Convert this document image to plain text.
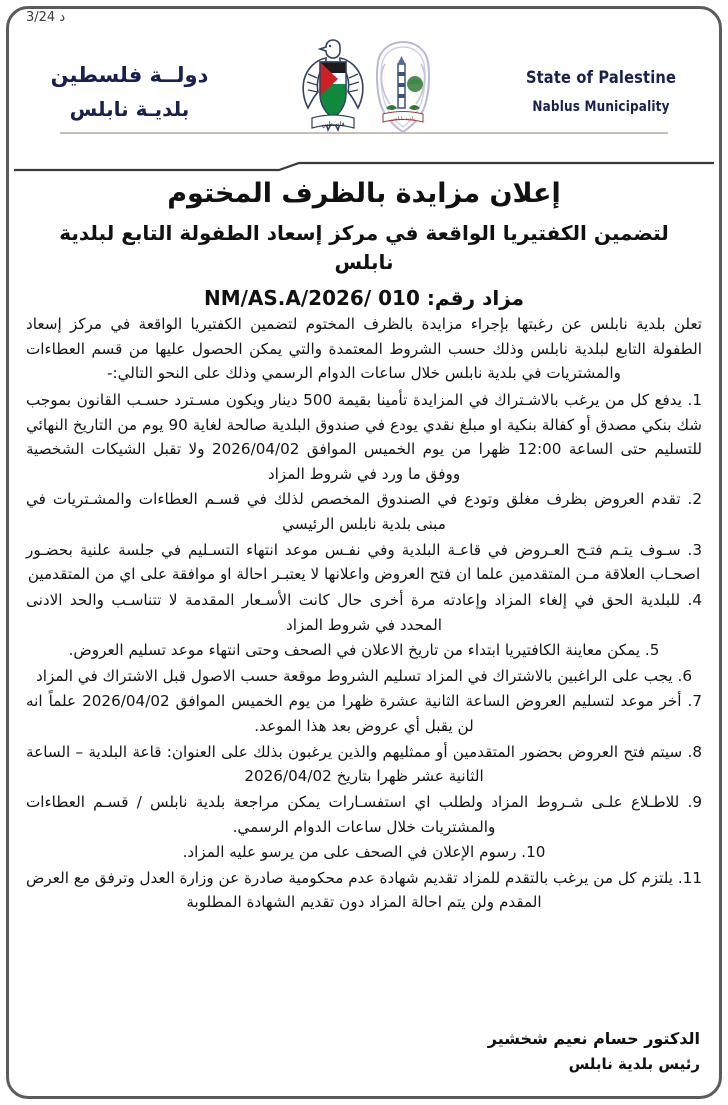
د 3/24
State of Palestine
Nablus Municipality
بلدية نابلس
فلسطين
دولــة فلسطين
بلديـة نابلس
إعلان مزايدة بالظرف المختوم
لتضمين الكفتيريا الواقعة في مركز إسعاد الطفولة التابع لبلدية نابلس
مزاد رقم: 010 /NM/AS.A/2026

تعلن بلدية نابلس عن رغبتها بإجراء مزايدة بالظرف المختوم لتضمين الكفتيريا الواقعة في مركز إسعاد الطفولة التابع لبلدية نابلس وذلك حسب الشروط المعتمدة والتي يمكن الحصول عليها من قسم العطاءات والمشتريات في بلدية نابلس خلال ساعات الدوام الرسمي وذلك على النحو التالي:-

1. يدفع كل من يرغب بالاشـتراك في المزايدة تأمينا بقيمة 500 دينار ويكون مسـترد حسـب القانون بموجب شك بنكي مصدق أو كفالة بنكية او مبلغ نقدي يودع في صندوق البلدية صالحة لغاية 90 يوم من التاريخ النهائي للتسليم حتى الساعة 12:00 ظهرا من يوم الخميس الموافق 2026/04/02 ولا تقبل الشيكات الشخصية ووفق ما ورد في شروط المزاد

2. تقدم العروض بظرف مغلق وتودع في الصندوق المخصص لذلك في قسـم العطاءات والمشـتريات في مبنى بلدية نابلس الرئيسي

3. سـوف يتـم فتـح العـروض في قاعـة البلدية وفي نفـس موعد انتهاء التسـليم في جلسة علنية بحضـور اصحـاب العلاقة مـن المتقدمين علما ان فتح العروض واعلانها لا يعتبـر احالة او موافقة على اي من المتقدمين

4. للبلدية الحق في إلغاء المزاد وإعادته مرة أخرى حال كانت الأسـعار المقدمة لا تتناسـب والحد الادنى المحدد في شروط المزاد

5. يمكن معاينة الكافتيريا ابتداء من تاريخ الاعلان في الصحف وحتى انتهاء موعد تسليم العروض.

6. يجب على الراغبين بالاشتراك في المزاد تسليم الشروط موقعة حسب الاصول قبل الاشتراك في المزاد

7. أخر موعد لتسليم العروض الساعة الثانية عشرة ظهرا من يوم الخميس الموافق 2026/04/02 علماً انه لن يقبل أي عروض بعد هذا الموعد.

8. سيتم فتح العروض بحضور المتقدمين أو ممثليهم والذين يرغبون بذلك على العنوان: قاعة البلدية – الساعة الثانية عشر ظهرا بتاريخ 2026/04/02

9. للاطـلاع علـى شـروط المزاد ولطلب اي استفسـارات يمكن مراجعة بلدية نابلس / قسـم العطاءات والمشتريات خلال ساعات الدوام الرسمي.

10. رسوم الإعلان في الصحف على من يرسو عليه المزاد.

11. يلتزم كل من يرغب بالتقدم للمزاد تقديم شهادة عدم محكومية صادرة عن وزارة العدل وترفق مع العرض المقدم ولن يتم احالة المزاد دون تقديم الشهادة المطلوبة

الدكتور حسام نعيم شخشير
رئيس بلدية نابلس
